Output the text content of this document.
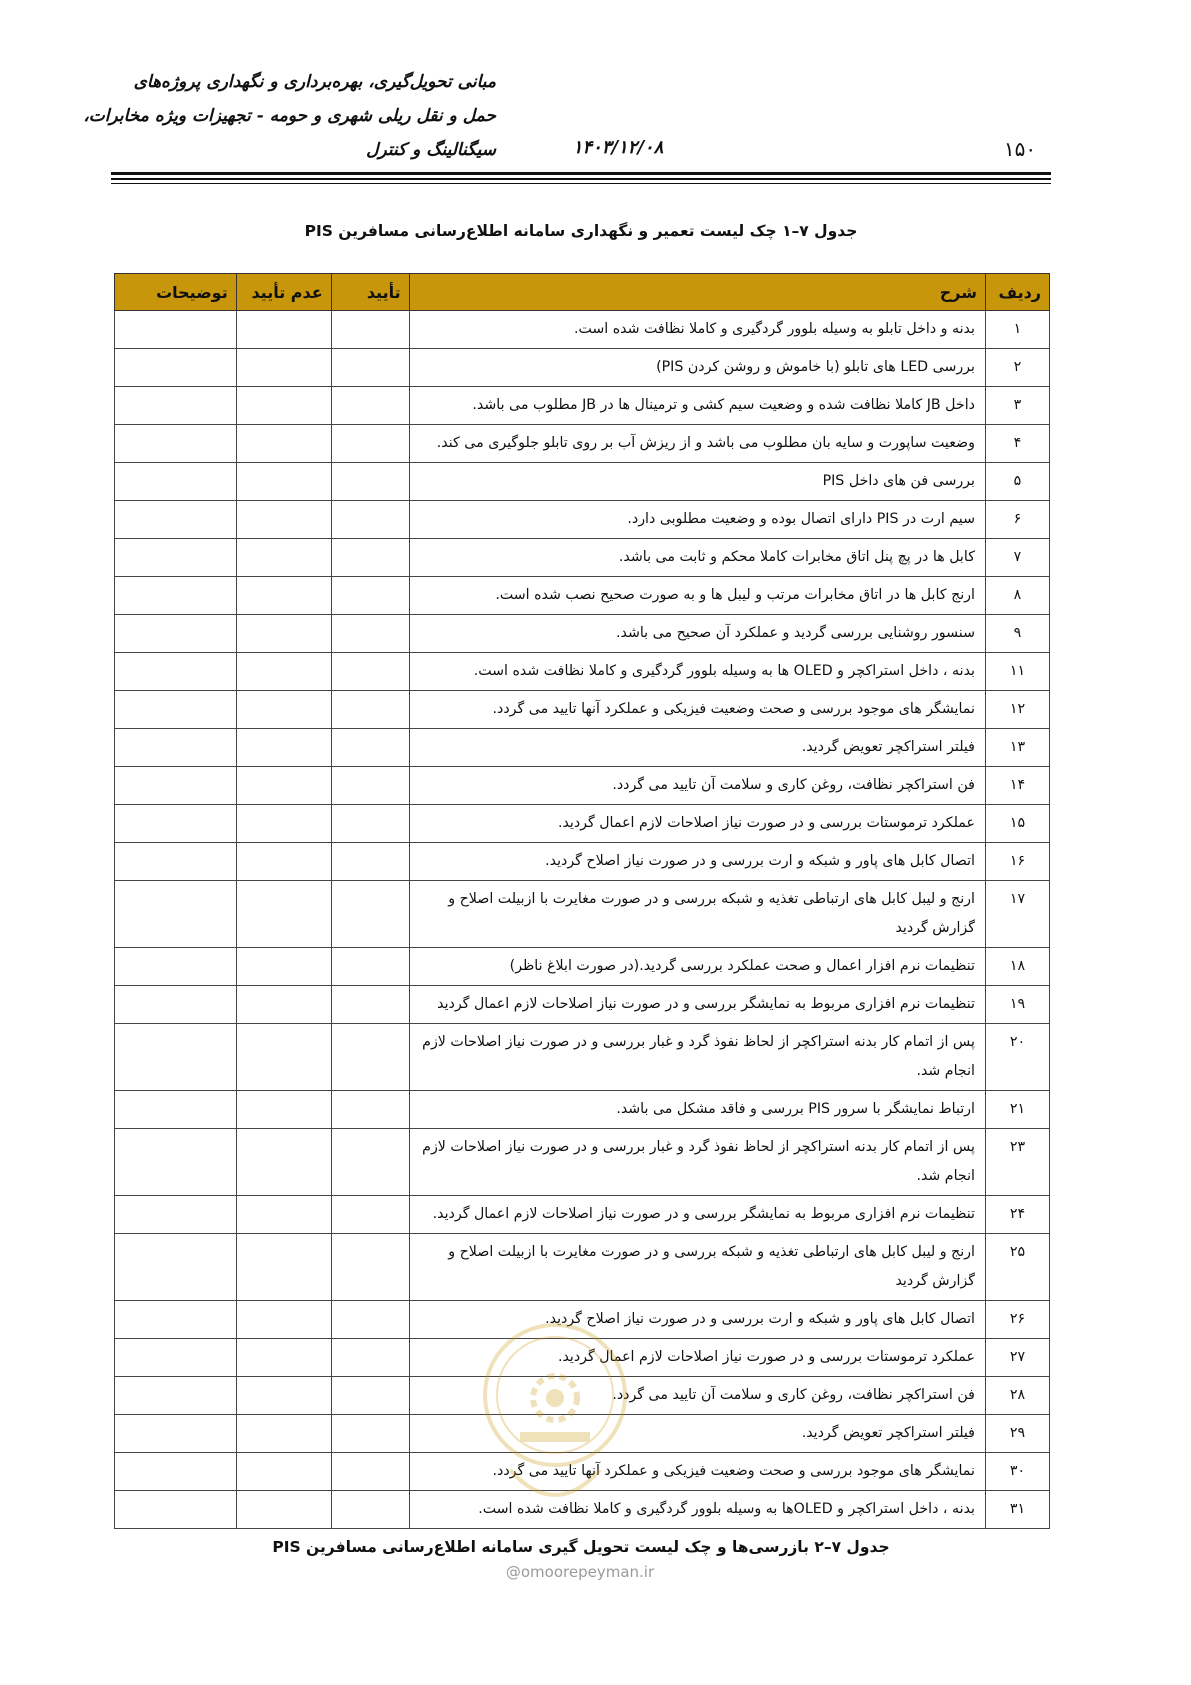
مبانی تحویل‌گیری، بهره‌برداری و نگهداری پروژه‌های
حمل و نقل ریلی شهری و حومه - تجهیزات ویژه مخابرات،
سیگنالینگ و کنترل	۱۴۰۳/۱۲/۰۸	۱۵۰
جدول ۷–۱ چک لیست تعمیر و نگهداری سامانه اطلاع‌رسانی مسافرین PIS
ردیف	شرح	تأیید	عدم تأیید	توضیحات
۱	بدنه و داخل تابلو به وسیله بلوور گردگیری و کاملا نظافت شده است.			
۲	بررسی LED های تابلو (با خاموش و روشن کردن PIS)			
۳	داخل JB کاملا نظافت شده و وضعیت سیم کشی و ترمینال ها در JB مطلوب می باشد.			
۴	وضعیت ساپورت و سایه بان مطلوب می باشد و از ریزش آب بر روی تابلو جلوگیری می کند.			
۵	بررسی فن های داخل PIS			
۶	سیم ارت در PIS دارای اتصال بوده و وضعیت مطلوبی دارد.			
۷	کابل ها در پچ پنل اتاق مخابرات کاملا محکم و ثابت می باشد.			
۸	ارنج کابل ها در اتاق مخابرات مرتب و لیبل ها و به صورت صحیح نصب شده است.			
۹	سنسور روشنایی بررسی گردید و عملکرد آن صحیح می باشد.			
۱۱	بدنه ، داخل استراکچر و OLED ها به وسیله بلوور گردگیری و کاملا نظافت شده است.			
۱۲	نمایشگر های موجود بررسی و صحت وضعیت فیزیکی و عملکرد آنها تایید می گردد.			
۱۳	فیلتر استراکچر تعویض گردید.			
۱۴	فن استراکچر نظافت، روغن کاری و سلامت آن تایید می گردد.			
۱۵	عملکرد ترموستات بررسی و در صورت نیاز اصلاحات لازم اعمال گردید.			
۱۶	اتصال کابل های پاور و شبکه و ارت بررسی و در صورت نیاز اصلاح گردید.			
۱۷	ارنج و لیبل کابل های ارتباطی تغذیه و شبکه بررسی و در صورت مغایرت با ازبیلت اصلاح و گزارش گردید			
۱۸	تنظیمات نرم افزار اعمال و صحت عملکرد بررسی گردید.(در صورت ابلاغ ناظر)			
۱۹	تنظیمات نرم افزاری مربوط به نمایشگر بررسی و در صورت نیاز اصلاحات لازم اعمال گردید			
۲۰	پس از اتمام کار بدنه استراکچر از لحاظ نفوذ گرد و غبار بررسی و در صورت نیاز اصلاحات لازم انجام شد.			
۲۱	ارتباط نمایشگر با سرور PIS بررسی و فاقد مشکل می باشد.			
۲۳	پس از اتمام کار بدنه استراکچر از لحاظ نفوذ گرد و غبار بررسی و در صورت نیاز اصلاحات لازم انجام شد.			
۲۴	تنظیمات نرم افزاری مربوط به نمایشگر بررسی و در صورت نیاز اصلاحات لازم اعمال گردید.			
۲۵	ارنج و لیبل کابل های ارتباطی تغذیه و شبکه بررسی و در صورت مغایرت با ازبیلت اصلاح و گزارش گردید			
۲۶	اتصال کابل های پاور و شبکه و ارت بررسی و در صورت نیاز اصلاح گردید.			
۲۷	عملکرد ترموستات بررسی و در صورت نیاز اصلاحات لازم اعمال گردید.			
۲۸	فن استراکچر نظافت، روغن کاری و سلامت آن تایید می گردد.			
۲۹	فیلتر استراکچر تعویض گردید.			
۳۰	نمایشگر های موجود بررسی و صحت وضعیت فیزیکی و عملکرد آنها تایید می گردد.			
۳۱	بدنه ، داخل استراکچر و OLEDها به وسیله بلوور گردگیری و کاملا نظافت شده است.			
@omoorepeyman.ir
جدول ۷–۲ بازرسی‌ها و چک لیست تحویل گیری سامانه اطلاع‌رسانی مسافرین PIS
